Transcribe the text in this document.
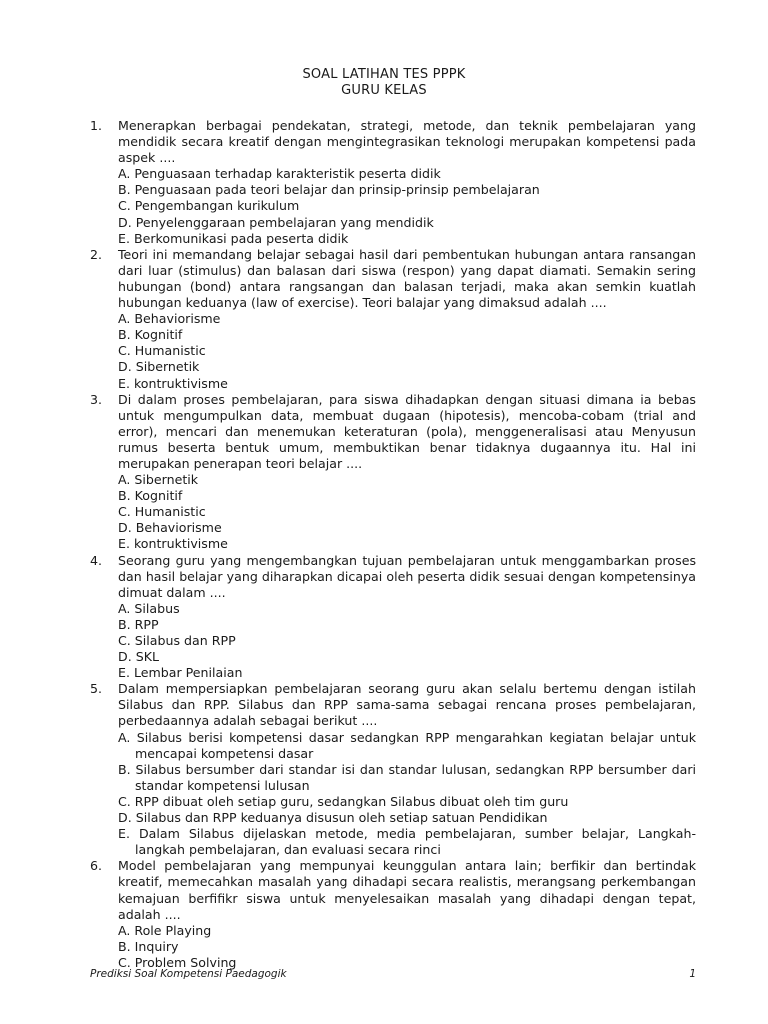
SOAL LATIHAN TES PPPK
GURU KELAS
1. Menerapkan berbagai pendekatan, strategi, metode, dan teknik pembelajaran yang mendidik secara kreatif dengan mengintegrasikan teknologi merupakan kompetensi pada aspek ....

A. Penguasaan terhadap karakteristik peserta didik
B. Penguasaan pada teori belajar dan prinsip-prinsip pembelajaran
C. Pengembangan kurikulum
D. Penyelenggaraan pembelajaran yang mendidik
E. Berkomunikasi pada peserta didik
2. Teori ini memandang belajar sebagai hasil dari pembentukan hubungan antara ransangan dari luar (stimulus) dan balasan dari siswa (respon) yang dapat diamati. Semakin sering hubungan (bond) antara rangsangan dan balasan terjadi, maka akan semkin kuatlah hubungan keduanya (law of exercise). Teori balajar yang dimaksud adalah ....

A. Behaviorisme
B. Kognitif
C. Humanistic
D. Sibernetik
E. kontruktivisme
3. Di dalam proses pembelajaran, para siswa dihadapkan dengan situasi dimana ia bebas untuk mengumpulkan data, membuat dugaan (hipotesis), mencoba-cobam (trial and error), mencari dan menemukan keteraturan (pola), menggeneralisasi atau Menyusun rumus beserta bentuk umum, membuktikan benar tidaknya dugaannya itu. Hal ini merupakan penerapan teori belajar ....

A. Sibernetik
B. Kognitif
C. Humanistic
D. Behaviorisme
E. kontruktivisme
4. Seorang guru yang mengembangkan tujuan pembelajaran untuk menggambarkan proses dan hasil belajar yang diharapkan dicapai oleh peserta didik sesuai dengan kompetensinya dimuat dalam ....

A. Silabus
B. RPP
C. Silabus dan RPP
D. SKL
E. Lembar Penilaian
5. Dalam mempersiapkan pembelajaran seorang guru akan selalu bertemu dengan istilah Silabus dan RPP. Silabus dan RPP sama-sama sebagai rencana proses pembelajaran, perbedaannya adalah sebagai berikut ....

A. Silabus berisi kompetensi dasar sedangkan RPP mengarahkan kegiatan belajar untuk mencapai kompetensi dasar
B. Silabus bersumber dari standar isi dan standar lulusan, sedangkan RPP bersumber dari standar kompetensi lulusan
C. RPP dibuat oleh setiap guru, sedangkan Silabus dibuat oleh tim guru
D. Silabus dan RPP keduanya disusun oleh setiap satuan Pendidikan
E. Dalam Silabus dijelaskan metode, media pembelajaran, sumber belajar, Langkah-langkah pembelajaran, dan evaluasi secara rinci
6. Model pembelajaran yang mempunyai keunggulan antara lain; berfikir dan bertindak kreatif, memecahkan masalah yang dihadapi secara realistis, merangsang perkembangan kemajuan berfifikr siswa untuk menyelesaikan masalah yang dihadapi dengan tepat, adalah ....

A. Role Playing
B. Inquiry
C. Problem Solving
Prediksi Soal Kompetensi Paedagogik	1
